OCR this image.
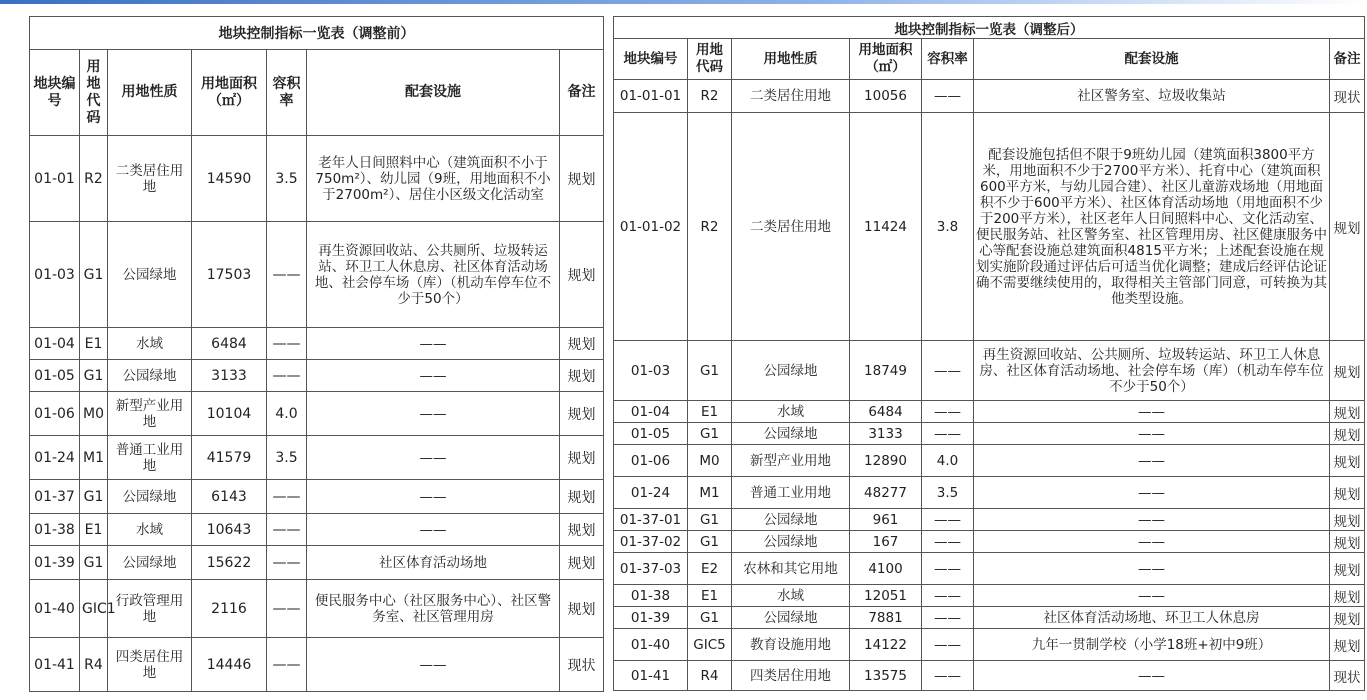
地块控制指标一览表（调整前）						
地块编号	用地代码	用地性质	用地面积（㎡）	容积率	配套设施	备注
01-01	R2	二类居住用地	14590	3.5	老年人日间照料中心（建筑面积不小于750m²）、幼儿园（9班，用地面积不小于2700m²）、居住小区级文化活动室	规划
01-03	G1	公园绿地	17503	——	再生资源回收站、公共厕所、垃圾转运站、环卫工人休息房、社区体育活动场地、社会停车场（库）（机动车停车位不少于50个）	规划
01-04	E1	水域	6484	——	——	规划
01-05	G1	公园绿地	3133	——	——	规划
01-06	M0	新型产业用地	10104	4.0	——	规划
01-24	M1	普通工业用地	41579	3.5	——	规划
01-37	G1	公园绿地	6143	——	——	规划
01-38	E1	水域	10643	——	——	规划
01-39	G1	公园绿地	15622	——	社区体育活动场地	规划
01-40	GIC1	行政管理用地	2116	——	便民服务中心（社区服务中心）、社区警务室、社区管理用房	规划
01-41	R4	四类居住用地	14446	——	——	现状
地块控制指标一览表（调整后）						
地块编号	用地代码	用地性质	用地面积（㎡）	容积率	配套设施	备注
01-01-01	R2	二类居住用地	10056	——	社区警务室、垃圾收集站	现状
01-01-02	R2	二类居住用地	11424	3.8	配套设施包括但不限于9班幼儿园（建筑面积3800平方米，用地面积不少于2700平方米）、托育中心（建筑面积600平方米，与幼儿园合建）、社区儿童游戏场地（用地面积不少于600平方米）、社区体育活动场地（用地面积不少于200平方米），社区老年人日间照料中心、文化活动室、便民服务站、社区警务室、社区管理用房、社区健康服务中心等配套设施总建筑面积4815平方米；上述配套设施在规划实施阶段通过评估后可适当优化调整；建成后经评估论证确不需要继续使用的，取得相关主管部门同意，可转换为其他类型设施。	规划
01-03	G1	公园绿地	18749	——	再生资源回收站、公共厕所、垃圾转运站、环卫工人休息房、社区体育活动场地、社会停车场（库）（机动车停车位不少于50个）	规划
01-04	E1	水域	6484	——	——	规划
01-05	G1	公园绿地	3133	——	——	规划
01-06	M0	新型产业用地	12890	4.0	——	规划
01-24	M1	普通工业用地	48277	3.5	——	规划
01-37-01	G1	公园绿地	961	——	——	规划
01-37-02	G1	公园绿地	167	——	——	规划
01-37-03	E2	农林和其它用地	4100	——	——	规划
01-38	E1	水域	12051	——	——	规划
01-39	G1	公园绿地	7881	——	社区体育活动场地、环卫工人休息房	规划
01-40	GIC5	教育设施用地	14122	——	九年一贯制学校（小学18班+初中9班）	规划
01-41	R4	四类居住用地	13575	——	——	现状
